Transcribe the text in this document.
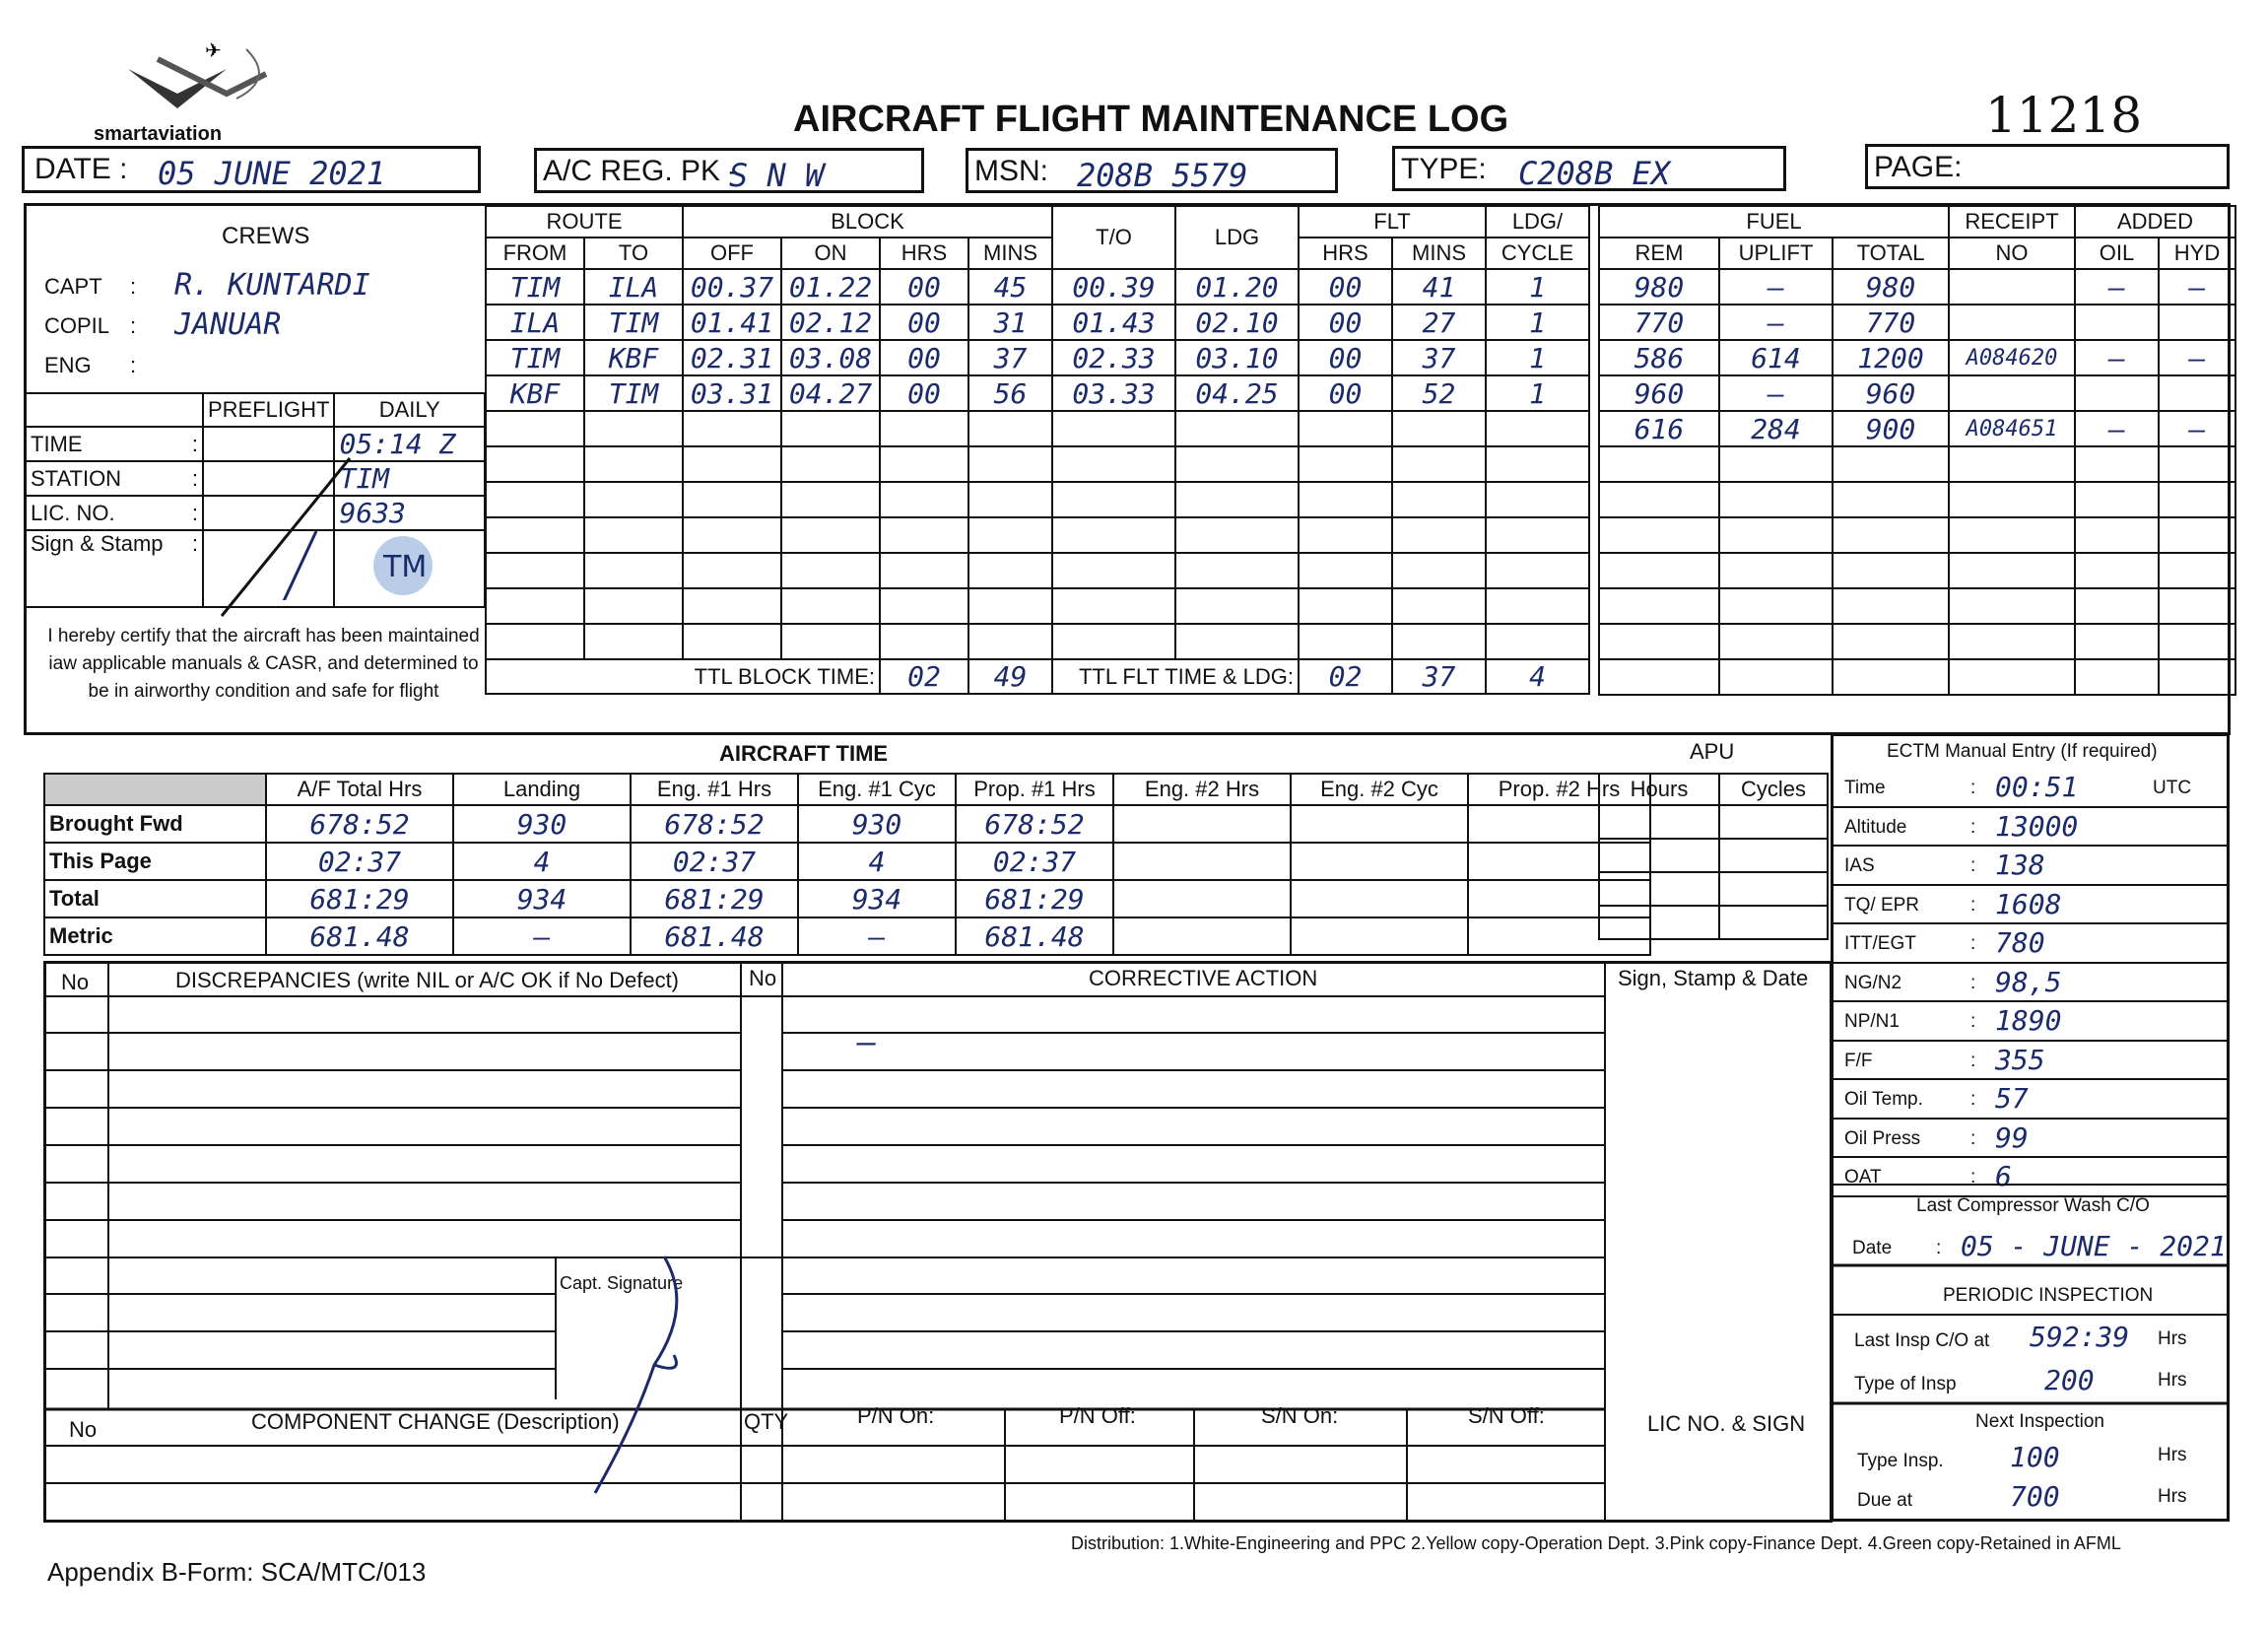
✈
smartaviation	AIRCRAFT FLIGHT MAINTENANCE LOG	11218
DATE : 05 JUNE 2021	A/C REG. PK -
S N W	MSN: 208B 5579	TYPE: C208B EX	PAGE:
CREWS
CAPT : R. KUNTARDI
COPIL : JANUAR
ENG :
	PREFLIGHT	DAILY
TIME :		05:14 Z
STATION :		TIM
LIC. NO. :		9633
Sign & Stamp :		TM
I hereby certify that the aircraft has been maintained iaw applicable manuals & CASR, and determined to be in airworthy condition and safe for flight
ROUTE		BLOCK				T/O	LDG	FLT		LDG/
FROM	TO	OFF	ON	HRS	MINS			HRS	MINS	CYCLE
TIM	ILA	00.37	01.22	00	45	00.39	01.20	00	41	1
ILA	TIM	01.41	02.12	00	31	01.43	02.10	00	27	1
TIM	KBF	02.31	03.08	00	37	02.33	03.10	00	37	1
KBF	TIM	03.31	04.27	00	56	03.33	04.25	00	52	1

TTL BLOCK TIME:				02	49	TTL FLT TIME & LDG:		02	37	4
FUEL			RECEIPT	ADDED	
REM	UPLIFT	TOTAL	NO	OIL	HYD
980	—	980		—	—
770	—	770			
586	614	1200	A084620	—	—
960	—	960			
616	284	900	A084651	—	—

AIRCRAFT TIME
	A/F Total Hrs	Landing	Eng. #1 Hrs	Eng. #1 Cyc	Prop. #1 Hrs	Eng. #2 Hrs	Eng. #2 Cyc	Prop. #2 Hrs
Brought Fwd	678:52	930	678:52	930	678:52			
This Page	02:37	4	02:37	4	02:37			
Total	681:29	934	681:29	934	681:29			
Metric	681.48	—	681.48	—	681.48			
APU
Hours	Cycles

ECTM Manual Entry (If required)
Time	: 00:51	UTC
Altitude	: 13000
IAS	: 138
TQ/ EPR	: 1608
ITT/EGT	: 780
NG/N2	: 98,5
NP/N1	: 1890
F/F	: 355
Oil Temp.	: 57
Oil Press	: 99
OAT	: 6
Last Compressor Wash C/O
Date : 05 - JUNE - 2021
PERIODIC INSPECTION
Last Insp C/O at 592:39 Hrs
Type of Insp	200	Hrs
Next Inspection
Type Insp. 100	Hrs
Due at	700	Hrs
No	DISCREPANCIES (write NIL or A/C OK if No Defect)	No	CORRECTIVE ACTION	Sign, Stamp & Date
—
Capt. Signature
No	COMPONENT CHANGE (Description)	QTY	P/N On:	P/N Off:	S/N On:	S/N Off:	LIC NO. & SIGN
Appendix B-Form: SCA/MTC/013
Distribution: 1.White-Engineering and PPC 2.Yellow copy-Operation Dept. 3.Pink copy-Finance Dept. 4.Green copy-Retained in AFML
